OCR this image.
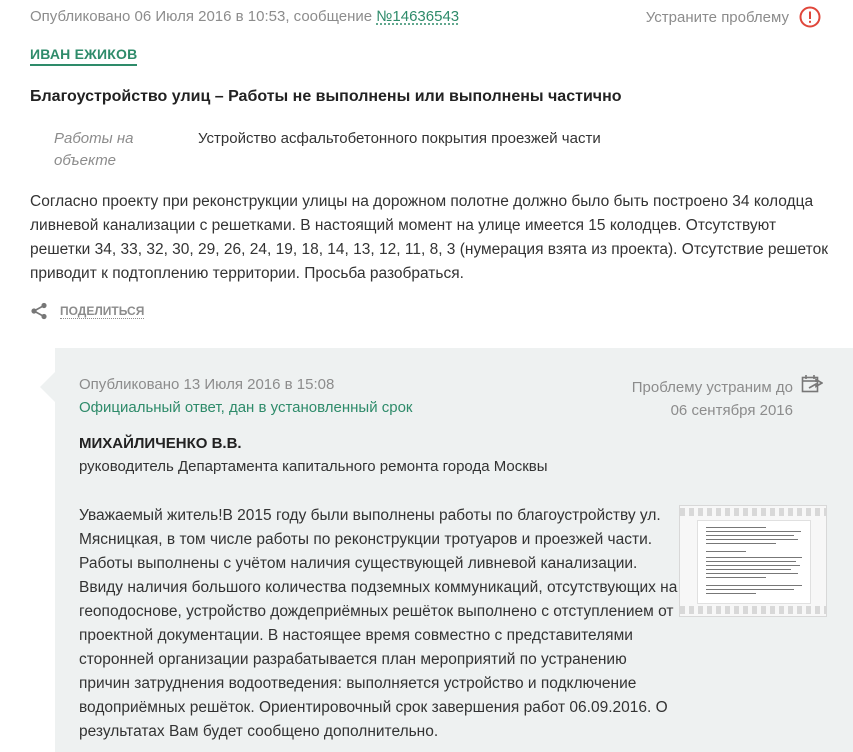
Опубликовано 06 Июля 2016 в 10:53, сообщение №14636543	Устраните проблему
ИВАН ЕЖИКОВ
Благоустройство улиц – Работы не выполнены или выполнены частично
Работы на объекте
Устройство асфальтобетонного покрытия проезжей части
Согласно проекту при реконструкции улицы на дорожном полотне должно было быть построено 34 колодца ливневой канализации с решетками. В настоящий момент на улице имеется 15 колодцев. Отсутствуют решетки 34, 33, 32, 30, 29, 26, 24, 19, 18, 14, 13, 12, 11, 8, 3 (нумерация взята из проекта). Отсутствие решеток приводит к подтоплению территории. Просьба разобраться.
ПОДЕЛИТЬСЯ
Опубликовано 13 Июля 2016 в 15:08
Официальный ответ, дан в установленный срок
Проблему устраним до
06 сентября 2016
МИХАЙЛИЧЕНКО В.В.
руководитель Департамента капитального ремонта города Москвы
Уважаемый житель!В 2015 году были выполнены работы по благоустройству ул. Мясницкая, в том числе работы по реконструкции тротуаров и проезжей части. Работы выполнены с учётом наличия существующей ливневой канализации. Ввиду наличия большого количества подземных коммуникаций, отсутствующих на геоподоснове, устройство дождеприёмных решёток выполнено с отступлением от проектной документации. В настоящее время совместно с представителями сторонней организации разрабатывается план мероприятий по устранению причин затруднения водоотведения: выполняется устройство и подключение водоприёмных решёток. Ориентировочный срок завершения работ 06.09.2016. О результатах Вам будет сообщено дополнительно.
